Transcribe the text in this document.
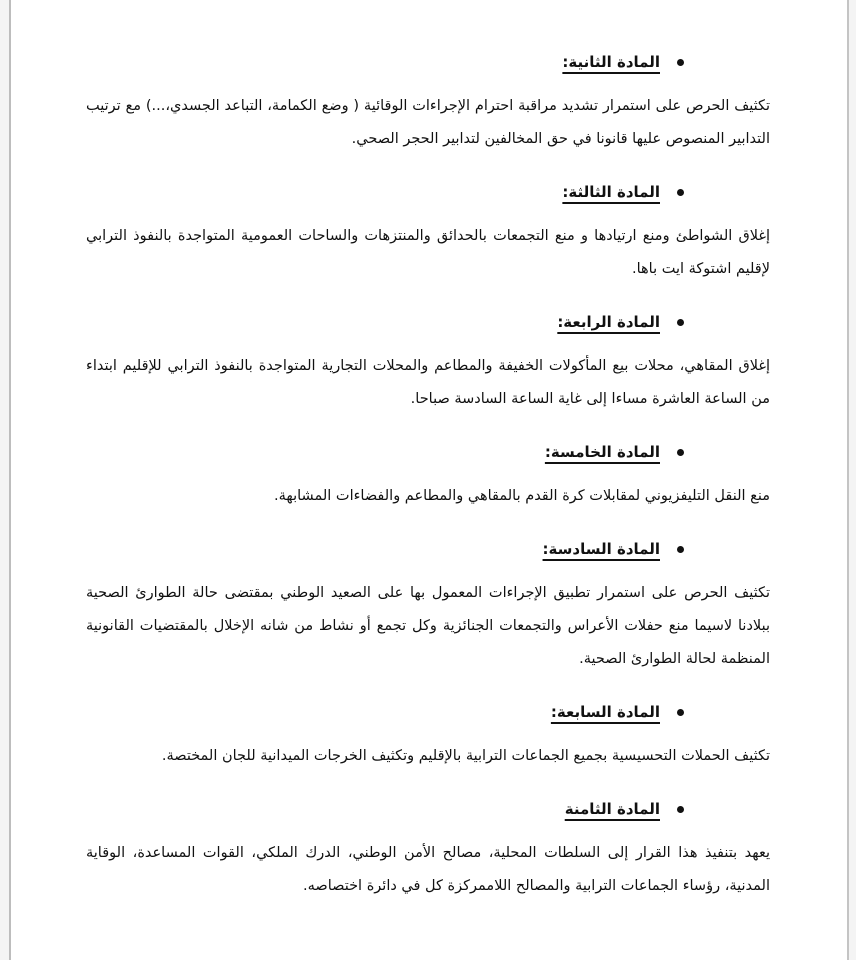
المادة الثانية:

تكثيف الحرص على استمرار تشديد مراقبة احترام الإجراءات الوقائية ( وضع الكمامة، التباعد الجسدي،...) مع ترتيب التدابير المنصوص عليها قانونا في حق المخالفين لتدابير الحجر الصحي.

المادة الثالثة:

إغلاق الشواطئ ومنع ارتيادها و منع التجمعات بالحدائق والمنتزهات والساحات العمومية المتواجدة بالنفوذ الترابي لإقليم اشتوكة ايت باها.

المادة الرابعة:

إغلاق المقاهي، محلات بيع المأكولات الخفيفة والمطاعم والمحلات التجارية المتواجدة بالنفوذ الترابي للإقليم ابتداء من الساعة العاشرة مساءا إلى غاية الساعة السادسة صباحا.

المادة الخامسة:

منع النقل التليفزيوني لمقابلات كرة القدم بالمقاهي والمطاعم والفضاءات المشابهة.

المادة السادسة:

تكثيف الحرص على استمرار تطبيق الإجراءات المعمول بها على الصعيد الوطني بمقتضى حالة الطوارئ الصحية ببلادنا لاسيما منع حفلات الأعراس والتجمعات الجنائزية وكل تجمع أو نشاط من شانه الإخلال بالمقتضيات القانونية المنظمة لحالة الطوارئ الصحية.

المادة السابعة:

تكثيف الحملات التحسيسية بجميع الجماعات الترابية بالإقليم وتكثيف الخرجات الميدانية للجان المختصة.

المادة الثامنة

يعهد بتنفيذ هذا القرار إلى السلطات المحلية، مصالح الأمن الوطني، الدرك الملكي، القوات المساعدة، الوقاية المدنية، رؤساء الجماعات الترابية والمصالح اللاممركزة كل في دائرة اختصاصه.
